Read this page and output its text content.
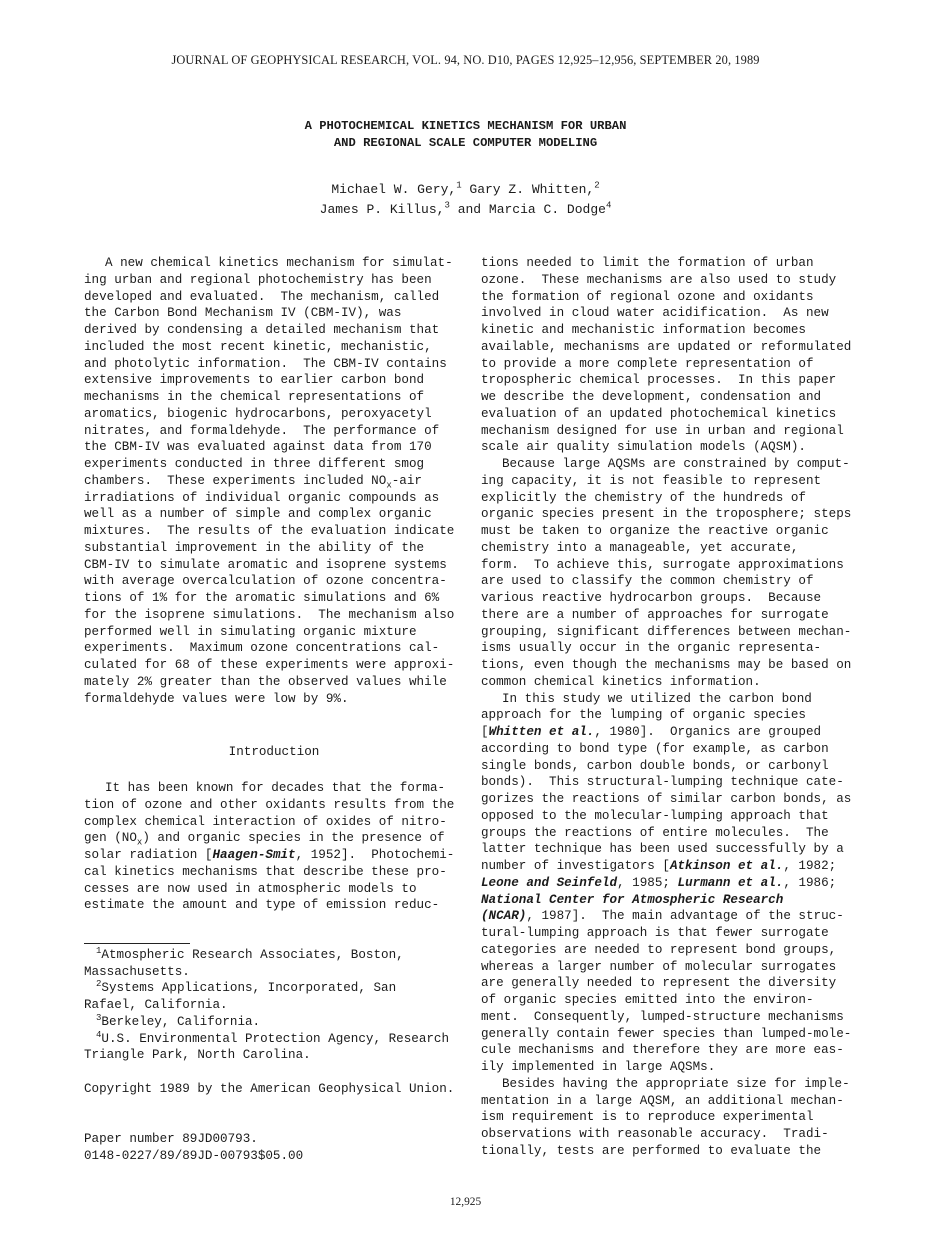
JOURNAL OF GEOPHYSICAL RESEARCH, VOL. 94, NO. D10, PAGES 12,925–12,956, SEPTEMBER 20, 1989
A PHOTOCHEMICAL KINETICS MECHANISM FOR URBAN
AND REGIONAL SCALE COMPUTER MODELING
Michael W. Gery,$^1$ Gary Z. Whitten,$^2$
James P. Killus,$^3$ and Marcia C. Dodge$^4$
A new chemical kinetics mechanism for simulat-
ing urban and regional photochemistry has been
developed and evaluated.  The mechanism, called
the Carbon Bond Mechanism IV (CBM-IV), was
derived by condensing a detailed mechanism that
included the most recent kinetic, mechanistic,
and photolytic information.  The CBM-IV contains
extensive improvements to earlier carbon bond
mechanisms in the chemical representations of
aromatics, biogenic hydrocarbons, peroxyacetyl
nitrates, and formaldehyde.  The performance of
the CBM-IV was evaluated against data from 170
experiments conducted in three different smog
chambers.  These experiments included $NO_x$-air
irradiations of individual organic compounds as
well as a number of simple and complex organic
mixtures.  The results of the evaluation indicate
substantial improvement in the ability of the
CBM-IV to simulate aromatic and isoprene systems
with average overcalculation of ozone concentra-
tions of 1% for the aromatic simulations and 6%
for the isoprene simulations.  The mechanism also
performed well in simulating organic mixture
experiments.  Maximum ozone concentrations cal-
culated for 68 of these experiments were approxi-
mately 2% greater than the observed values while
formaldehyde values were low by 9%.
Introduction
It has been known for decades that the forma-
tion of ozone and other oxidants results from the
complex chemical interaction of oxides of nitro-
gen $(NO_x)$ and organic species in the presence of
solar radiation [Haagen-Smit, 1952].  Photochemi-
cal kinetics mechanisms that describe these pro-
cesses are now used in atmospheric models to
estimate the amount and type of emission reduc-
$^1$Atmospheric Research Associates, Boston,
Massachusetts.
$^2$Systems Applications, Incorporated, San
Rafael, California.
$^3$Berkeley, California.
$^4$U.S. Environmental Protection Agency, Research
Triangle Park, North Carolina.
Copyright 1989 by the American Geophysical Union.
Paper number 89JD00793.
0148-0227/89/89JD-00793$05.00
tions needed to limit the formation of urban
ozone.  These mechanisms are also used to study
the formation of regional ozone and oxidants
involved in cloud water acidification.  As new
kinetic and mechanistic information becomes
available, mechanisms are updated or reformulated
to provide a more complete representation of
tropospheric chemical processes.  In this paper
we describe the development, condensation and
evaluation of an updated photochemical kinetics
mechanism designed for use in urban and regional
scale air quality simulation models (AQSM).
Because large AQSMs are constrained by comput-
ing capacity, it is not feasible to represent
explicitly the chemistry of the hundreds of
organic species present in the troposphere; steps
must be taken to organize the reactive organic
chemistry into a manageable, yet accurate,
form.  To achieve this, surrogate approximations
are used to classify the common chemistry of
various reactive hydrocarbon groups.  Because
there are a number of approaches for surrogate
grouping, significant differences between mechan-
isms usually occur in the organic representa-
tions, even though the mechanisms may be based on
common chemical kinetics information.
In this study we utilized the carbon bond
approach for the lumping of organic species
[Whitten et al., 1980].  Organics are grouped
according to bond type (for example, as carbon
single bonds, carbon double bonds, or carbonyl
bonds).  This structural-lumping technique cate-
gorizes the reactions of similar carbon bonds, as
opposed to the molecular-lumping approach that
groups the reactions of entire molecules.  The
latter technique has been used successfully by a
number of investigators [Atkinson et al., 1982;
Leone and Seinfeld, 1985; Lurmann et al., 1986;
National Center for Atmospheric Research
(NCAR), 1987].  The main advantage of the struc-
tural-lumping approach is that fewer surrogate
categories are needed to represent bond groups,
whereas a larger number of molecular surrogates
are generally needed to represent the diversity
of organic species emitted into the environ-
ment.  Consequently, lumped-structure mechanisms
generally contain fewer species than lumped-mole-
cule mechanisms and therefore they are more eas-
ily implemented in large AQSMs.
Besides having the appropriate size for imple-
mentation in a large AQSM, an additional mechan-
ism requirement is to reproduce experimental
observations with reasonable accuracy.  Tradi-
tionally, tests are performed to evaluate the
12,925
